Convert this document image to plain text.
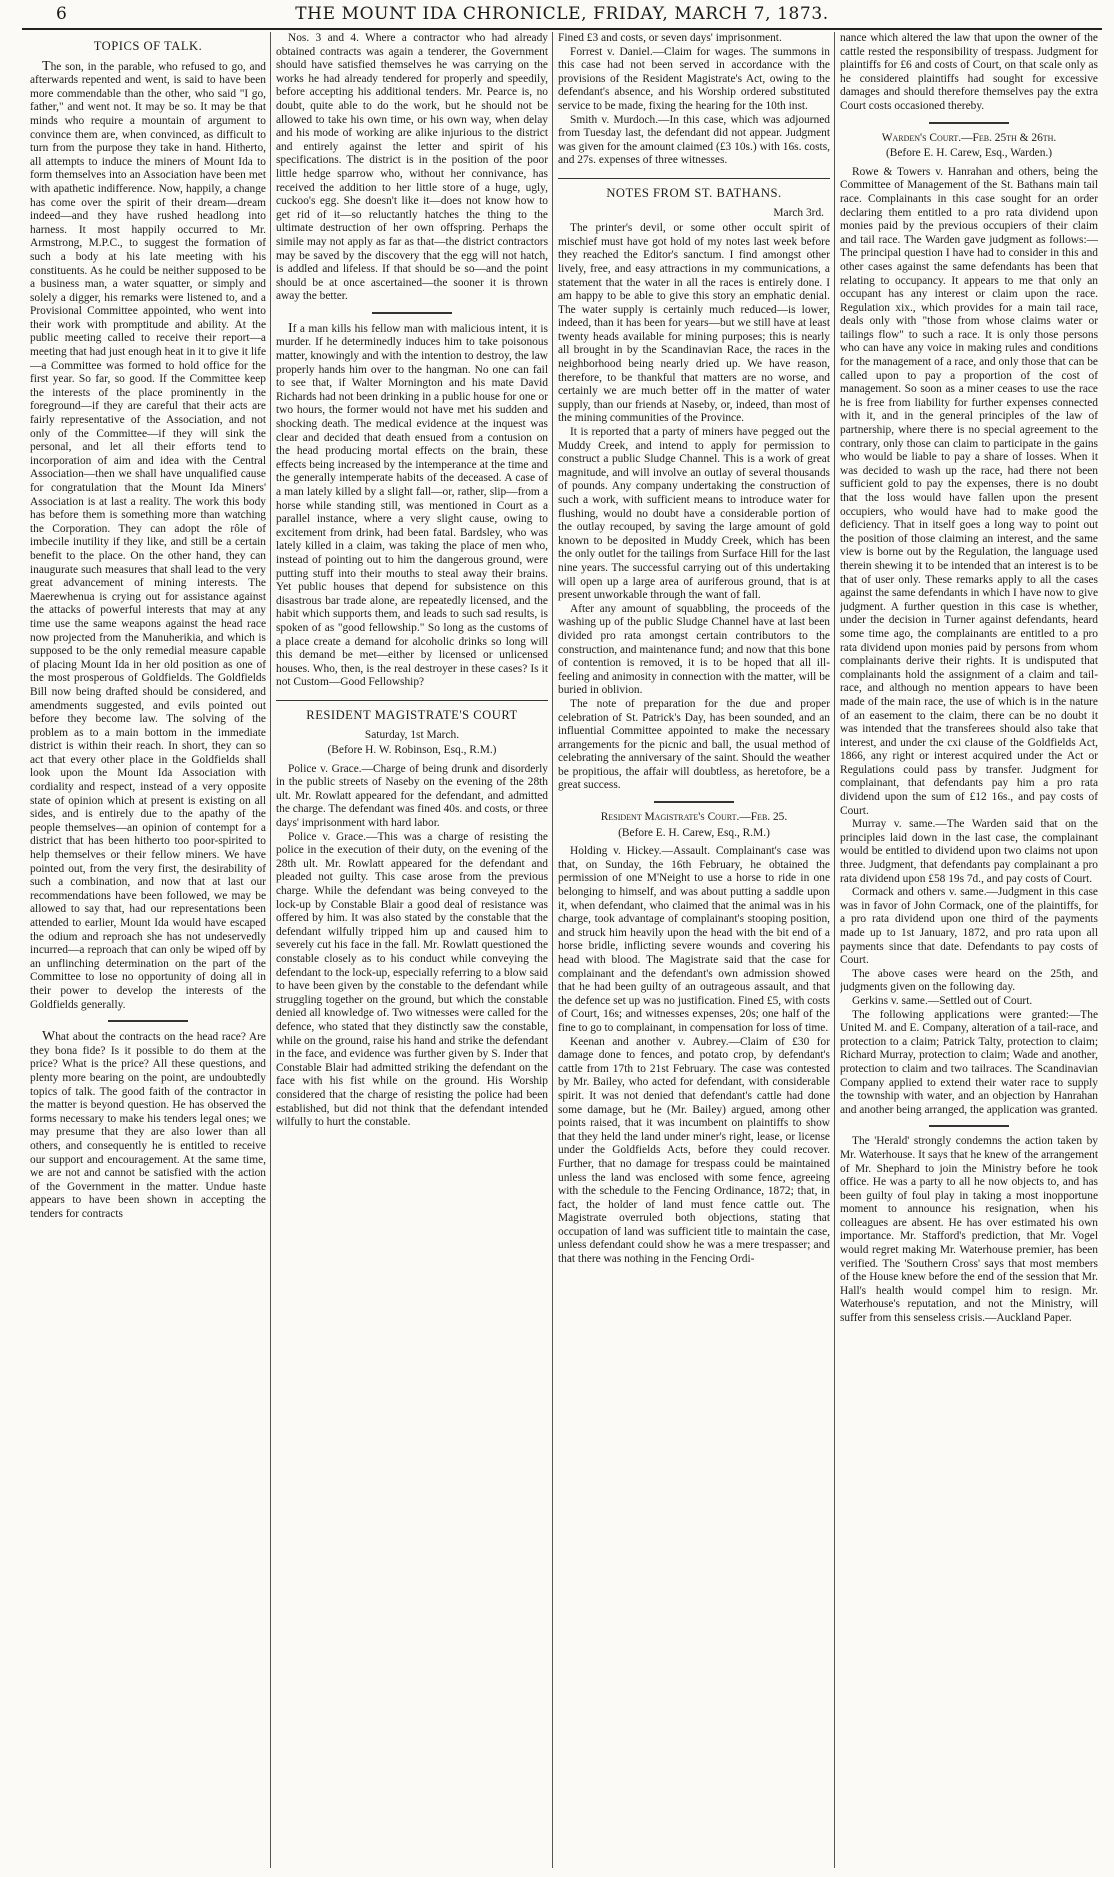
6	THE MOUNT IDA CHRONICLE, FRIDAY, MARCH 7, 1873.
TOPICS OF TALK.

The son, in the parable, who refused to go, and afterwards repented and went, is said to have been more commendable than the other, who said "I go, father," and went not. It may be so. It may be that minds who require a mountain of argument to convince them are, when convinced, as difficult to turn from the purpose they take in hand. Hitherto, all attempts to induce the miners of Mount Ida to form themselves into an Association have been met with apathetic indifference. Now, happily, a change has come over the spirit of their dream—dream indeed—and they have rushed headlong into harness. It most happily occurred to Mr. Armstrong, M.P.C., to suggest the formation of such a body at his late meeting with his constituents. As he could be neither supposed to be a business man, a water squatter, or simply and solely a digger, his remarks were listened to, and a Provisional Committee appointed, who went into their work with promptitude and ability. At the public meeting called to receive their report—a meeting that had just enough heat in it to give it life—a Committee was formed to hold office for the first year. So far, so good. If the Committee keep the interests of the place prominently in the foreground—if they are careful that their acts are fairly representative of the Association, and not only of the Committee—if they will sink the personal, and let all their efforts tend to incorporation of aim and idea with the Central Association—then we shall have unqualified cause for congratulation that the Mount Ida Miners' Association is at last a reality. The work this body has before them is something more than watching the Corporation. They can adopt the rôle of imbecile inutility if they like, and still be a certain benefit to the place. On the other hand, they can inaugurate such measures that shall lead to the very great advancement of mining interests. The Maerewhenua is crying out for assistance against the attacks of powerful interests that may at any time use the same weapons against the head race now projected from the Manuherikia, and which is supposed to be the only remedial measure capable of placing Mount Ida in her old position as one of the most prosperous of Goldfields. The Goldfields Bill now being drafted should be considered, and amendments suggested, and evils pointed out before they become law. The solving of the problem as to a main bottom in the immediate district is within their reach. In short, they can so act that every other place in the Goldfields shall look upon the Mount Ida Association with cordiality and respect, instead of a very opposite state of opinion which at present is existing on all sides, and is entirely due to the apathy of the people themselves—an opinion of contempt for a district that has been hitherto too poor-spirited to help themselves or their fellow miners. We have pointed out, from the very first, the desirability of such a combination, and now that at last our recommendations have been followed, we may be allowed to say that, had our representations been attended to earlier, Mount Ida would have escaped the odium and reproach she has not undeservedly incurred—a reproach that can only be wiped off by an unflinching determination on the part of the Committee to lose no opportunity of doing all in their power to develop the interests of the Goldfields generally.

What about the contracts on the head race? Are they bona fide? Is it possible to do them at the price? What is the price? All these questions, and plenty more bearing on the point, are undoubtedly topics of talk. The good faith of the contractor in the matter is beyond question. He has observed the forms necessary to make his tenders legal ones; we may presume that they are also lower than all others, and consequently he is entitled to receive our support and encouragement. At the same time, we are not and cannot be satisfied with the action of the Government in the matter. Undue haste appears to have been shown in accepting the tenders for contracts

Nos. 3 and 4. Where a contractor who had already obtained contracts was again a tenderer, the Government should have satisfied themselves he was carrying on the works he had already tendered for properly and speedily, before accepting his additional tenders. Mr. Pearce is, no doubt, quite able to do the work, but he should not be allowed to take his own time, or his own way, when delay and his mode of working are alike injurious to the district and entirely against the letter and spirit of his specifications. The district is in the position of the poor little hedge sparrow who, without her connivance, has received the addition to her little store of a huge, ugly, cuckoo's egg. She doesn't like it—does not know how to get rid of it—so reluctantly hatches the thing to the ultimate destruction of her own offspring. Perhaps the simile may not apply as far as that—the district contractors may be saved by the discovery that the egg will not hatch, is addled and lifeless. If that should be so—and the point should be at once ascertained—the sooner it is thrown away the better.

If a man kills his fellow man with malicious intent, it is murder. If he determinedly induces him to take poisonous matter, knowingly and with the intention to destroy, the law properly hands him over to the hangman. No one can fail to see that, if Walter Mornington and his mate David Richards had not been drinking in a public house for one or two hours, the former would not have met his sudden and shocking death. The medical evidence at the inquest was clear and decided that death ensued from a contusion on the head producing mortal effects on the brain, these effects being increased by the intemperance at the time and the generally intemperate habits of the deceased. A case of a man lately killed by a slight fall—or, rather, slip—from a horse while standing still, was mentioned in Court as a parallel instance, where a very slight cause, owing to excitement from drink, had been fatal. Bardsley, who was lately killed in a claim, was taking the place of men who, instead of pointing out to him the dangerous ground, were putting stuff into their mouths to steal away their brains. Yet public houses that depend for subsistence on this disastrous bar trade alone, are repeatedly licensed, and the habit which supports them, and leads to such sad results, is spoken of as "good fellowship." So long as the customs of a place create a demand for alcoholic drinks so long will this demand be met—either by licensed or unlicensed houses. Who, then, is the real destroyer in these cases? Is it not Custom—Good Fellowship?

RESIDENT MAGISTRATE'S COURT
Saturday, 1st March.
(Before H. W. Robinson, Esq., R.M.)

Police v. Grace.—Charge of being drunk and disorderly in the public streets of Naseby on the evening of the 28th ult. Mr. Rowlatt appeared for the defendant, and admitted the charge. The defendant was fined 40s. and costs, or three days' imprisonment with hard labor.

Police v. Grace.—This was a charge of resisting the police in the execution of their duty, on the evening of the 28th ult. Mr. Rowlatt appeared for the defendant and pleaded not guilty. This case arose from the previous charge. While the defendant was being conveyed to the lock-up by Constable Blair a good deal of resistance was offered by him. It was also stated by the constable that the defendant wilfully tripped him up and caused him to severely cut his face in the fall. Mr. Rowlatt questioned the constable closely as to his conduct while conveying the defendant to the lock-up, especially referring to a blow said to have been given by the constable to the defendant while struggling together on the ground, but which the constable denied all knowledge of. Two witnesses were called for the defence, who stated that they distinctly saw the constable, while on the ground, raise his hand and strike the defendant in the face, and evidence was further given by S. Inder that Constable Blair had admitted striking the defendant on the face with his fist while on the ground. His Worship considered that the charge of resisting the police had been established, but did not think that the defendant intended wilfully to hurt the constable.

Fined £3 and costs, or seven days' imprisonment.

Forrest v. Daniel.—Claim for wages. The summons in this case had not been served in accordance with the provisions of the Resident Magistrate's Act, owing to the defendant's absence, and his Worship ordered substituted service to be made, fixing the hearing for the 10th inst.

Smith v. Murdoch.—In this case, which was adjourned from Tuesday last, the defendant did not appear. Judgment was given for the amount claimed (£3 10s.) with 16s. costs, and 27s. expenses of three witnesses.

NOTES FROM ST. BATHANS.
March 3rd.

The printer's devil, or some other occult spirit of mischief must have got hold of my notes last week before they reached the Editor's sanctum. I find amongst other lively, free, and easy attractions in my communications, a statement that the water in all the races is entirely done. I am happy to be able to give this story an emphatic denial. The water supply is certainly much reduced—is lower, indeed, than it has been for years—but we still have at least twenty heads available for mining purposes; this is nearly all brought in by the Scandinavian Race, the races in the neighborhood being nearly dried up. We have reason, therefore, to be thankful that matters are no worse, and certainly we are much better off in the matter of water supply, than our friends at Naseby, or, indeed, than most of the mining communities of the Province.

It is reported that a party of miners have pegged out the Muddy Creek, and intend to apply for permission to construct a public Sludge Channel. This is a work of great magnitude, and will involve an outlay of several thousands of pounds. Any company undertaking the construction of such a work, with sufficient means to introduce water for flushing, would no doubt have a considerable portion of the outlay recouped, by saving the large amount of gold known to be deposited in Muddy Creek, which has been the only outlet for the tailings from Surface Hill for the last nine years. The successful carrying out of this undertaking will open up a large area of auriferous ground, that is at present unworkable through the want of fall.

After any amount of squabbling, the proceeds of the washing up of the public Sludge Channel have at last been divided pro rata amongst certain contributors to the construction, and maintenance fund; and now that this bone of contention is removed, it is to be hoped that all ill-feeling and animosity in connection with the matter, will be buried in oblivion.

The note of preparation for the due and proper celebration of St. Patrick's Day, has been sounded, and an influential Committee appointed to make the necessary arrangements for the picnic and ball, the usual method of celebrating the anniversary of the saint. Should the weather be propitious, the affair will doubtless, as heretofore, be a great success.

Resident Magistrate's Court.—Feb. 25.
(Before E. H. Carew, Esq., R.M.)

Holding v. Hickey.—Assault. Complainant's case was that, on Sunday, the 16th February, he obtained the permission of one M'Neight to use a horse to ride in one belonging to himself, and was about putting a saddle upon it, when defendant, who claimed that the animal was in his charge, took advantage of complainant's stooping position, and struck him heavily upon the head with the bit end of a horse bridle, inflicting severe wounds and covering his head with blood. The Magistrate said that the case for complainant and the defendant's own admission showed that he had been guilty of an outrageous assault, and that the defence set up was no justification. Fined £5, with costs of Court, 16s; and witnesses expenses, 20s; one half of the fine to go to complainant, in compensation for loss of time.

Keenan and another v. Aubrey.—Claim of £30 for damage done to fences, and potato crop, by defendant's cattle from 17th to 21st February. The case was contested by Mr. Bailey, who acted for defendant, with considerable spirit. It was not denied that defendant's cattle had done some damage, but he (Mr. Bailey) argued, among other points raised, that it was incumbent on plaintiffs to show that they held the land under miner's right, lease, or license under the Goldfields Acts, before they could recover. Further, that no damage for trespass could be maintained unless the land was enclosed with some fence, agreeing with the schedule to the Fencing Ordinance, 1872; that, in fact, the holder of land must fence cattle out. The Magistrate overruled both objections, stating that occupation of land was sufficient title to maintain the case, unless defendant could show he was a mere trespasser; and that there was nothing in the Fencing Ordi-

nance which altered the law that upon the owner of the cattle rested the responsibility of trespass. Judgment for plaintiffs for £6 and costs of Court, on that scale only as he considered plaintiffs had sought for excessive damages and should therefore themselves pay the extra Court costs occasioned thereby.

Warden's Court.—Feb. 25th & 26th.
(Before E. H. Carew, Esq., Warden.)

Rowe & Towers v. Hanrahan and others, being the Committee of Management of the St. Bathans main tail race. Complainants in this case sought for an order declaring them entitled to a pro rata dividend upon monies paid by the previous occupiers of their claim and tail race. The Warden gave judgment as follows:—The principal question I have had to consider in this and other cases against the same defendants has been that relating to occupancy. It appears to me that only an occupant has any interest or claim upon the race. Regulation xix., which provides for a main tail race, deals only with "those from whose claims water or tailings flow" to such a race. It is only those persons who can have any voice in making rules and conditions for the management of a race, and only those that can be called upon to pay a proportion of the cost of management. So soon as a miner ceases to use the race he is free from liability for further expenses connected with it, and in the general principles of the law of partnership, where there is no special agreement to the contrary, only those can claim to participate in the gains who would be liable to pay a share of losses. When it was decided to wash up the race, had there not been sufficient gold to pay the expenses, there is no doubt that the loss would have fallen upon the present occupiers, who would have had to make good the deficiency. That in itself goes a long way to point out the position of those claiming an interest, and the same view is borne out by the Regulation, the language used therein shewing it to be intended that an interest is to be that of user only. These remarks apply to all the cases against the same defendants in which I have now to give judgment. A further question in this case is whether, under the decision in Turner against defendants, heard some time ago, the complainants are entitled to a pro rata dividend upon monies paid by persons from whom complainants derive their rights. It is undisputed that complainants hold the assignment of a claim and tail-race, and although no mention appears to have been made of the main race, the use of which is in the nature of an easement to the claim, there can be no doubt it was intended that the transferees should also take that interest, and under the cxi clause of the Goldfields Act, 1866, any right or interest acquired under the Act or Regulations could pass by transfer. Judgment for complainant, that defendants pay him a pro rata dividend upon the sum of £12 16s., and pay costs of Court.

Murray v. same.—The Warden said that on the principles laid down in the last case, the complainant would be entitled to dividend upon two claims not upon three. Judgment, that defendants pay complainant a pro rata dividend upon £58 19s 7d., and pay costs of Court.

Cormack and others v. same.—Judgment in this case was in favor of John Cormack, one of the plaintiffs, for a pro rata dividend upon one third of the payments made up to 1st January, 1872, and pro rata upon all payments since that date. Defendants to pay costs of Court.

The above cases were heard on the 25th, and judgments given on the following day.

Gerkins v. same.—Settled out of Court.

The following applications were granted:—The United M. and E. Company, alteration of a tail-race, and protection to a claim; Patrick Talty, protection to claim; Richard Murray, protection to claim; Wade and another, protection to claim and two tailraces. The Scandinavian Company applied to extend their water race to supply the township with water, and an objection by Hanrahan and another being arranged, the application was granted.

The 'Herald' strongly condemns the action taken by Mr. Waterhouse. It says that he knew of the arrangement of Mr. Shephard to join the Ministry before he took office. He was a party to all he now objects to, and has been guilty of foul play in taking a most inopportune moment to announce his resignation, when his colleagues are absent. He has over estimated his own importance. Mr. Stafford's prediction, that Mr. Vogel would regret making Mr. Waterhouse premier, has been verified. The 'Southern Cross' says that most members of the House knew before the end of the session that Mr. Hall's health would compel him to resign. Mr. Waterhouse's reputation, and not the Ministry, will suffer from this senseless crisis.—Auckland Paper.
